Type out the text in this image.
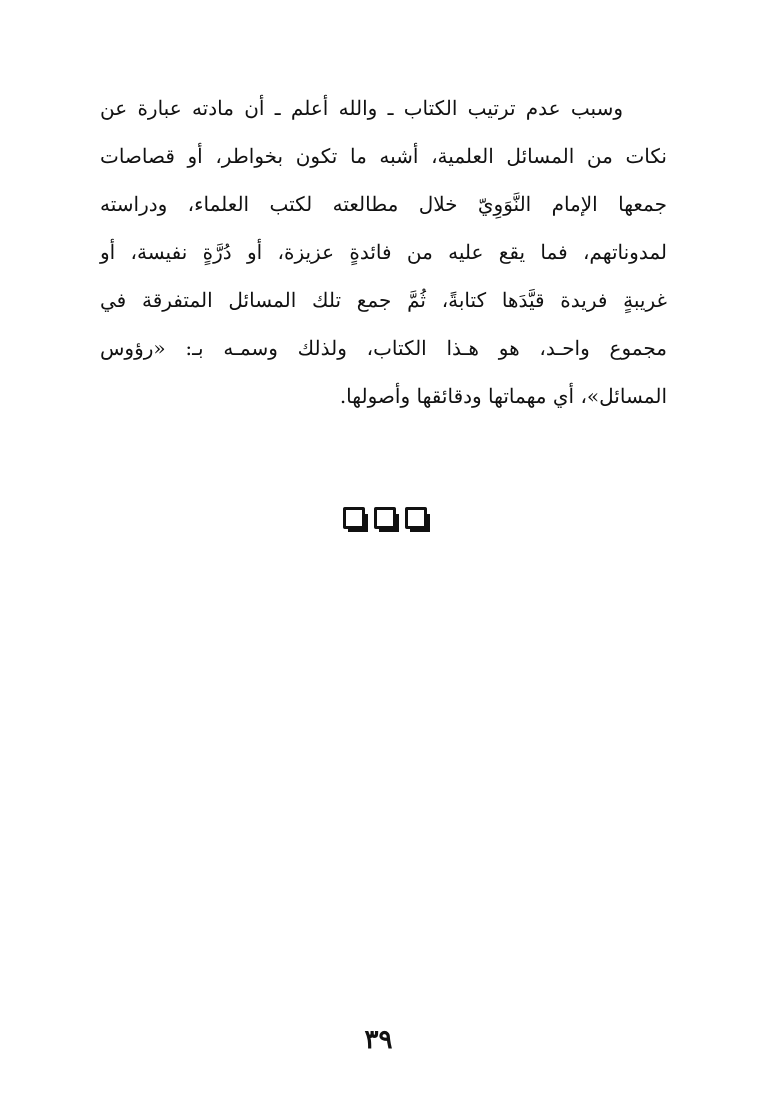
وسبب عدم ترتيب الكتاب ـ والله أعلم ـ أن مادته عبارة عن
نكات من المسائل العلمية، أشبه ما تكون بخواطر، أو قصاصات
جمعها الإمام النَّوَوِيّ خلال مطالعته لكتب العلماء، ودراسته
لمدوناتهم، فما يقع عليه من فائدةٍ عزيزة، أو دُرَّةٍ نفيسة، أو
غريبةٍ فريدة قيَّدَها كتابةً، ثُمَّ جمع تلك المسائل المتفرقة في
مجموع واحـد، هو هـذا الكتاب، ولذلك وسمـه بـ: «رؤوس
المسائل»، أي مهماتها ودقائقها وأصولها.
٣٩
